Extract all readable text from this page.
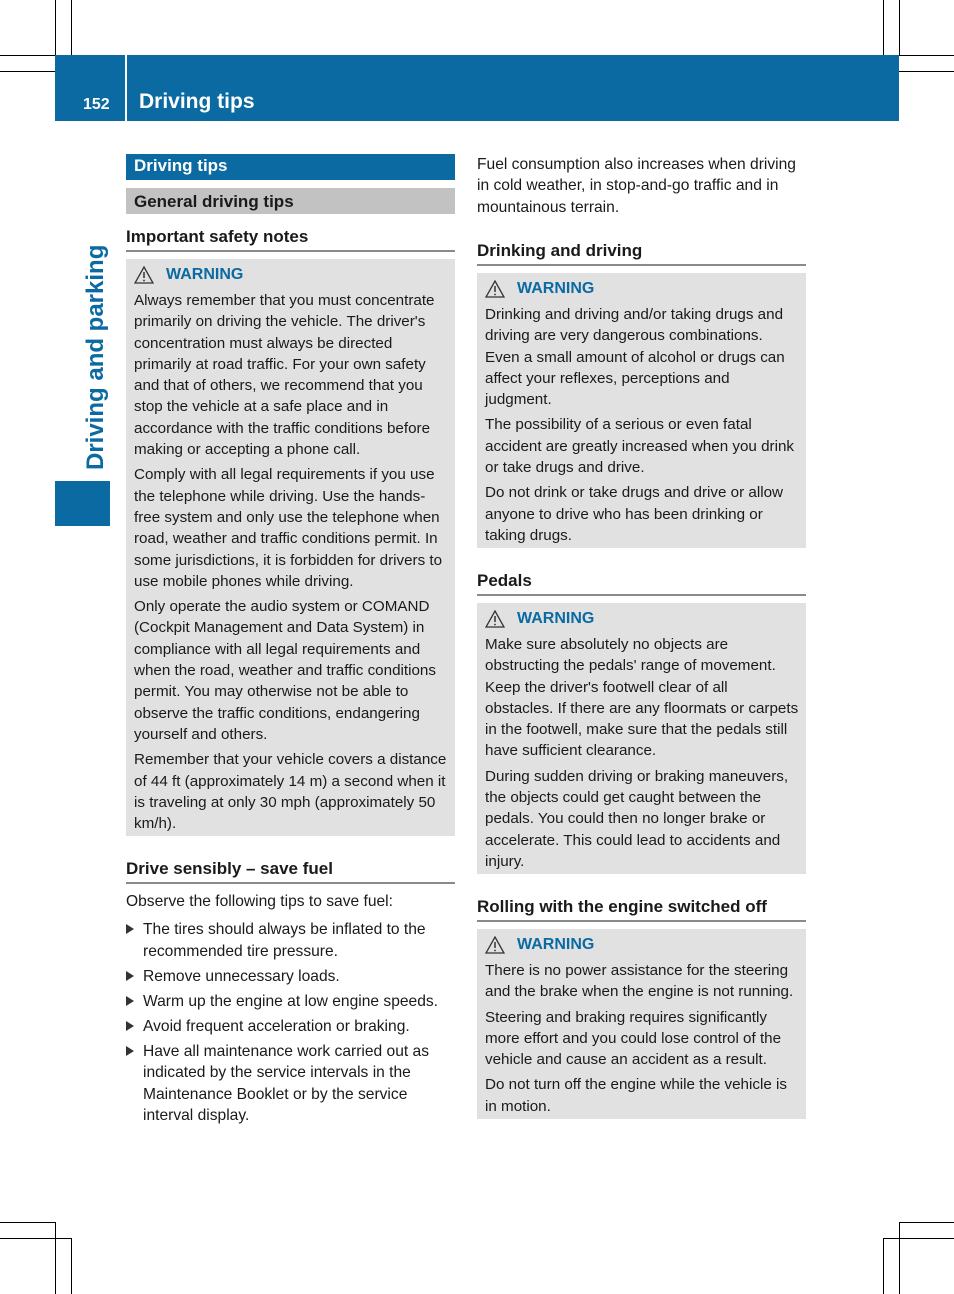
152 Driving tips
Driving and parking
Driving tips
General driving tips
Important safety notes
WARNING

Always remember that you must concentrate primarily on driving the vehicle. The driver's concentration must always be directed primarily at road traffic. For your own safety and that of others, we recommend that you stop the vehicle at a safe place and in accordance with the traffic conditions before making or accepting a phone call.

Comply with all legal requirements if you use the telephone while driving. Use the hands-free system and only use the telephone when road, weather and traffic conditions permit. In some jurisdictions, it is forbidden for drivers to use mobile phones while driving.

Only operate the audio system or COMAND (Cockpit Management and Data System) in compliance with all legal requirements and when the road, weather and traffic conditions permit. You may otherwise not be able to observe the traffic conditions, endangering yourself and others.

Remember that your vehicle covers a distance of 44 ft (approximately 14 m) a second when it is traveling at only 30 mph (approximately 50 km/h).

Drive sensibly – save fuel
Observe the following tips to save fuel:
The tires should always be inflated to the recommended tire pressure.
Remove unnecessary loads.
Warm up the engine at low engine speeds.
Avoid frequent acceleration or braking.
Have all maintenance work carried out as indicated by the service intervals in the Maintenance Booklet or by the service interval display.
Fuel consumption also increases when driving in cold weather, in stop-and-go traffic and in mountainous terrain.
Drinking and driving
WARNING

Drinking and driving and/or taking drugs and driving are very dangerous combinations. Even a small amount of alcohol or drugs can affect your reflexes, perceptions and judgment.

The possibility of a serious or even fatal accident are greatly increased when you drink or take drugs and drive.

Do not drink or take drugs and drive or allow anyone to drive who has been drinking or taking drugs.

Pedals
WARNING

Make sure absolutely no objects are obstructing the pedals' range of movement. Keep the driver's footwell clear of all obstacles. If there are any floormats or carpets in the footwell, make sure that the pedals still have sufficient clearance.

During sudden driving or braking maneuvers, the objects could get caught between the pedals. You could then no longer brake or accelerate. This could lead to accidents and injury.

Rolling with the engine switched off
WARNING

There is no power assistance for the steering and the brake when the engine is not running.

Steering and braking requires significantly more effort and you could lose control of the vehicle and cause an accident as a result.

Do not turn off the engine while the vehicle is in motion.
